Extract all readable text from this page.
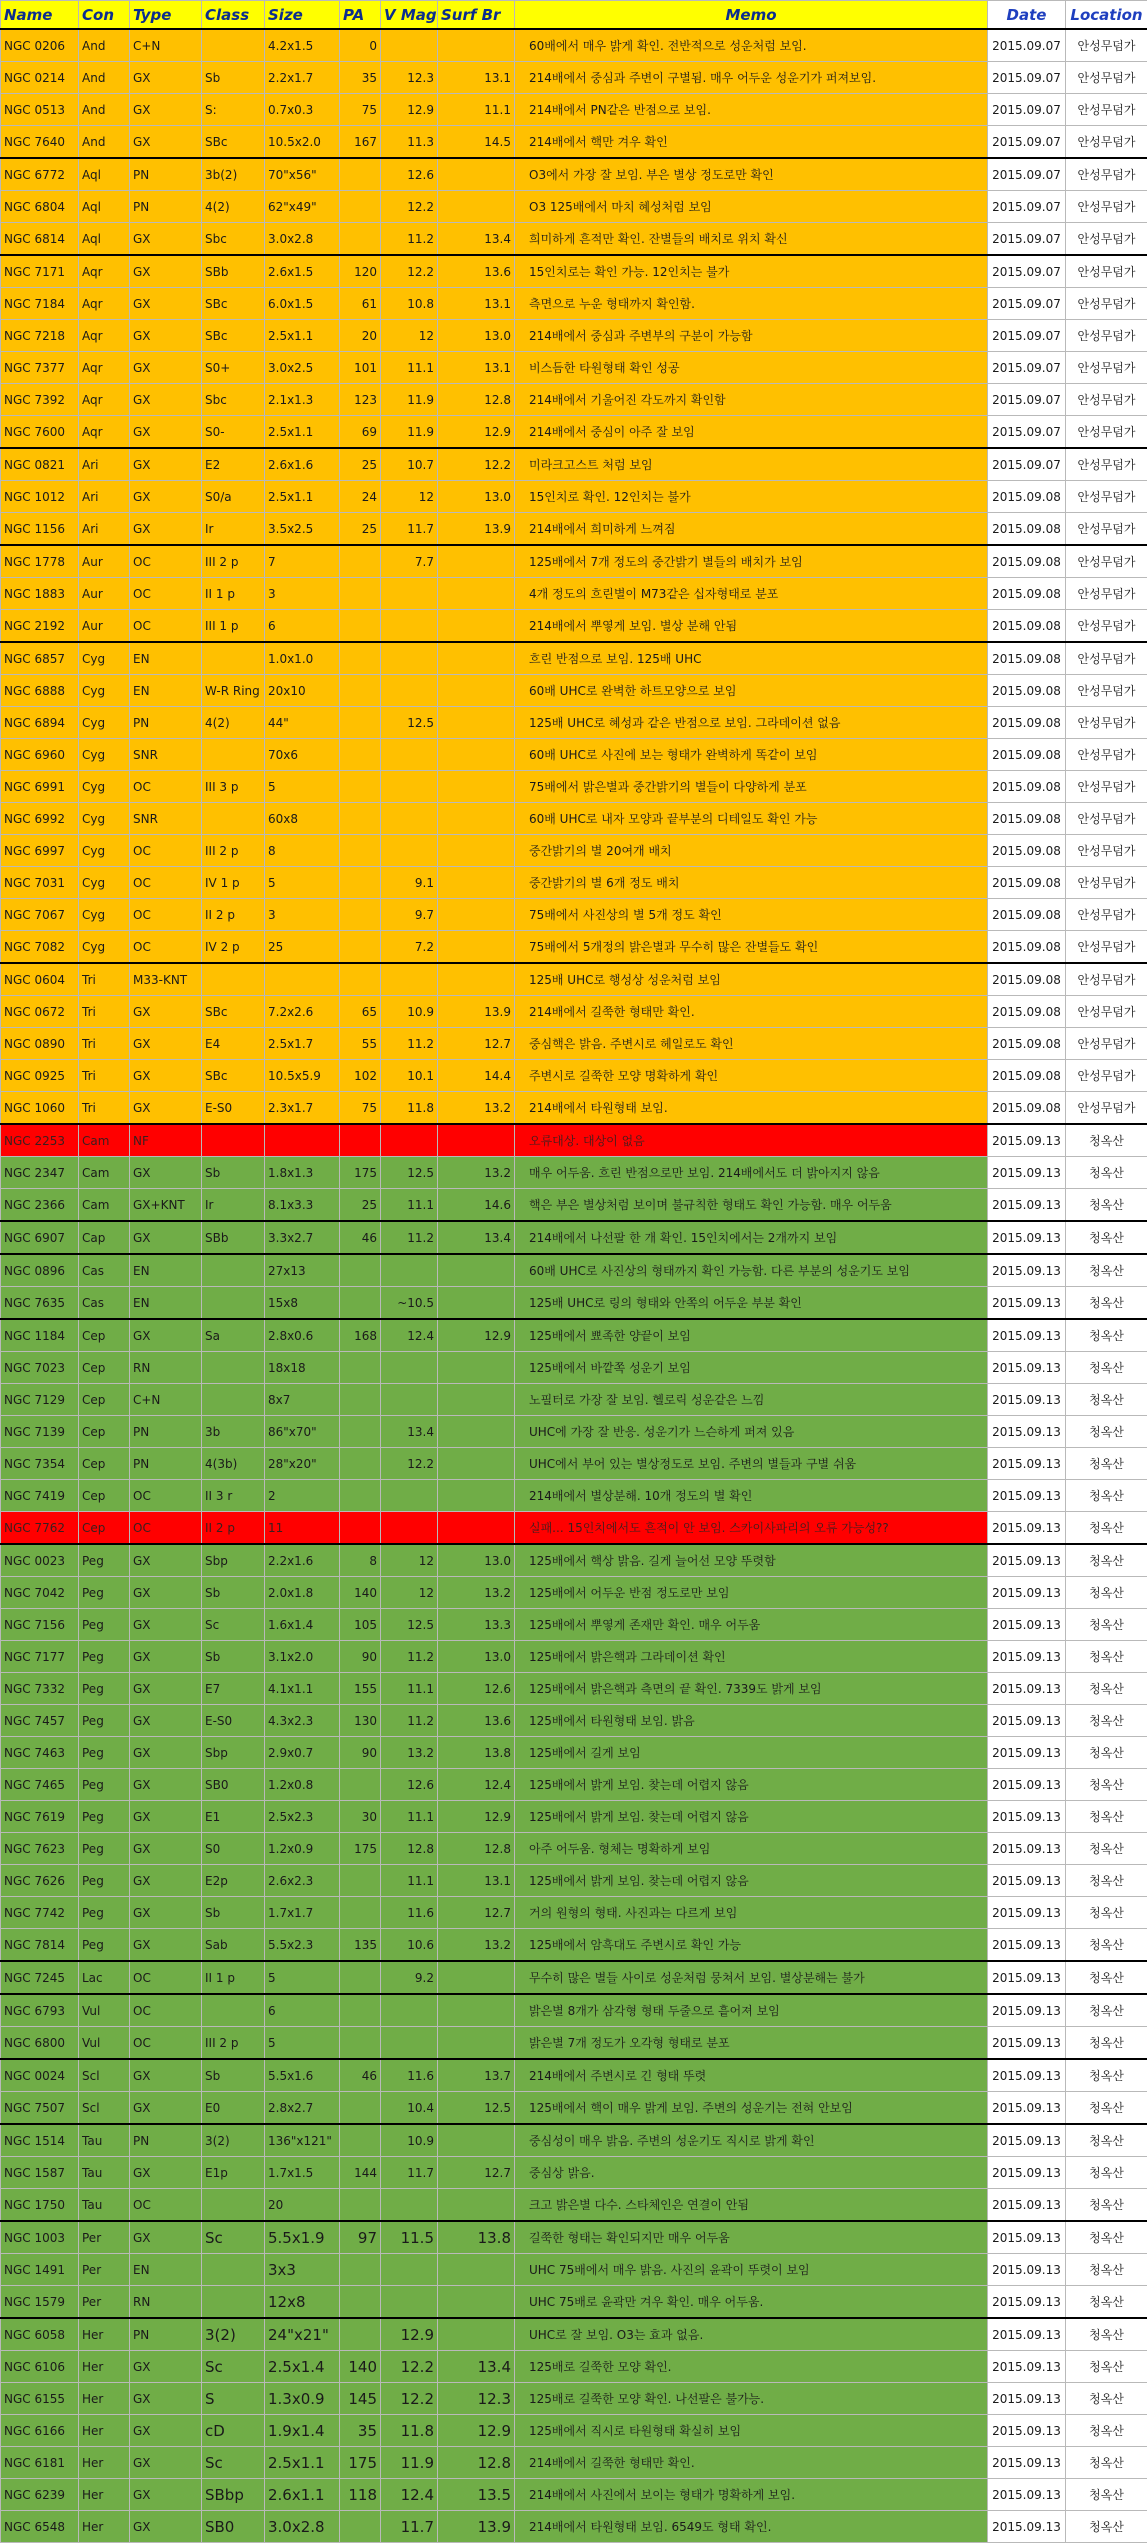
Name	Con	Type	Class	Size	PA	V Mag	Surf Br	Memo	Date	Location
NGC 0206	And	C+N		4.2x1.5	0			60배에서 매우 밝게 확인. 전반적으로 성운처럼 보임.	2015.09.07	안성무덤가
NGC 0214	And	GX	Sb	2.2x1.7	35	12.3	13.1	214배에서 중심과 주변이 구별됨. 매우 어두운 성운기가 퍼져보임.	2015.09.07	안성무덤가
NGC 0513	And	GX	S:	0.7x0.3	75	12.9	11.1	214배에서 PN같은 반점으로 보임.	2015.09.07	안성무덤가
NGC 7640	And	GX	SBc	10.5x2.0	167	11.3	14.5	214배에서 핵만 겨우 확인	2015.09.07	안성무덤가
NGC 6772	Aql	PN	3b(2)	70"x56"		12.6		O3에서 가장 잘 보임. 부은 별상 정도로만 확인	2015.09.07	안성무덤가
NGC 6804	Aql	PN	4(2)	62"x49"		12.2		O3 125배에서 마치 혜성처럼 보임	2015.09.07	안성무덤가
NGC 6814	Aql	GX	Sbc	3.0x2.8		11.2	13.4	희미하게 흔적만 확인. 잔별들의 배치로 위치 확신	2015.09.07	안성무덤가
NGC 7171	Aqr	GX	SBb	2.6x1.5	120	12.2	13.6	15인치로는 확인 가능. 12인치는 불가	2015.09.07	안성무덤가
NGC 7184	Aqr	GX	SBc	6.0x1.5	61	10.8	13.1	측면으로 누운 형태까지 확인함.	2015.09.07	안성무덤가
NGC 7218	Aqr	GX	SBc	2.5x1.1	20	12	13.0	214배에서 중심과 주변부의 구분이 가능함	2015.09.07	안성무덤가
NGC 7377	Aqr	GX	S0+	3.0x2.5	101	11.1	13.1	비스듬한 타원형태 확인 성공	2015.09.07	안성무덤가
NGC 7392	Aqr	GX	Sbc	2.1x1.3	123	11.9	12.8	214배에서 기울어진 각도까지 확인함	2015.09.07	안성무덤가
NGC 7600	Aqr	GX	S0-	2.5x1.1	69	11.9	12.9	214배에서 중심이 아주 잘 보임	2015.09.07	안성무덤가
NGC 0821	Ari	GX	E2	2.6x1.6	25	10.7	12.2	미라크고스트 처럼 보임	2015.09.07	안성무덤가
NGC 1012	Ari	GX	S0/a	2.5x1.1	24	12	13.0	15인치로 확인. 12인치는 불가	2015.09.08	안성무덤가
NGC 1156	Ari	GX	Ir	3.5x2.5	25	11.7	13.9	214배에서 희미하게 느껴짐	2015.09.08	안성무덤가
NGC 1778	Aur	OC	III 2 p	7		7.7		125배에서 7개 정도의 중간밝기 별들의 배치가 보임	2015.09.08	안성무덤가
NGC 1883	Aur	OC	II 1 p	3				4개 정도의 흐린별이 M73같은 십자형태로 분포	2015.09.08	안성무덤가
NGC 2192	Aur	OC	III 1 p	6				214배에서 뿌옇게 보임. 별상 분해 안됨	2015.09.08	안성무덤가
NGC 6857	Cyg	EN		1.0x1.0				흐린 반점으로 보임. 125배 UHC	2015.09.08	안성무덤가
NGC 6888	Cyg	EN	W-R Ring	20x10				60배 UHC로 완벽한 하트모양으로 보임	2015.09.08	안성무덤가
NGC 6894	Cyg	PN	4(2)	44"		12.5		125배 UHC로 혜성과 같은 반점으로 보임. 그라데이션 없음	2015.09.08	안성무덤가
NGC 6960	Cyg	SNR		70x6				60배 UHC로 사진에 보는 형태가 완벽하게 똑같이 보임	2015.09.08	안성무덤가
NGC 6991	Cyg	OC	III 3 p	5				75배에서 밝은별과 중간밝기의 별들이 다양하게 분포	2015.09.08	안성무덤가
NGC 6992	Cyg	SNR		60x8				60배 UHC로 내자 모양과 끝부분의 디테일도 확인 가능	2015.09.08	안성무덤가
NGC 6997	Cyg	OC	III 2 p	8				중간밝기의 별 20여개 배치	2015.09.08	안성무덤가
NGC 7031	Cyg	OC	IV 1 p	5		9.1		중간밝기의 별 6개 정도 배치	2015.09.08	안성무덤가
NGC 7067	Cyg	OC	II 2 p	3		9.7		75배에서 사진상의 별 5개 정도 확인	2015.09.08	안성무덤가
NGC 7082	Cyg	OC	IV 2 p	25		7.2		75배에서 5개정의 밝은별과 무수히 많은 잔별들도 확인	2015.09.08	안성무덤가
NGC 0604	Tri	M33-KNT						125배 UHC로 행성상 성운처럼 보임	2015.09.08	안성무덤가
NGC 0672	Tri	GX	SBc	7.2x2.6	65	10.9	13.9	214배에서 길쭉한 형태만 확인.	2015.09.08	안성무덤가
NGC 0890	Tri	GX	E4	2.5x1.7	55	11.2	12.7	중심핵은 밝음. 주변시로 헤일로도 확인	2015.09.08	안성무덤가
NGC 0925	Tri	GX	SBc	10.5x5.9	102	10.1	14.4	주변시로 길쭉한 모양 명확하게 확인	2015.09.08	안성무덤가
NGC 1060	Tri	GX	E-S0	2.3x1.7	75	11.8	13.2	214배에서 타원형태 보임.	2015.09.08	안성무덤가
NGC 2253	Cam	NF						오류대상. 대상이 없음	2015.09.13	청옥산
NGC 2347	Cam	GX	Sb	1.8x1.3	175	12.5	13.2	매우 어두움. 흐린 반점으로만 보임. 214배에서도 더 밝아지지 않음	2015.09.13	청옥산
NGC 2366	Cam	GX+KNT	Ir	8.1x3.3	25	11.1	14.6	핵은 부은 별상처럼 보이며 불규칙한 형태도 확인 가능함. 매우 어두움	2015.09.13	청옥산
NGC 6907	Cap	GX	SBb	3.3x2.7	46	11.2	13.4	214배에서 나선팔 한 개 확인. 15인치에서는 2개까지 보임	2015.09.13	청옥산
NGC 0896	Cas	EN		27x13				60배 UHC로 사진상의 형태까지 확인 가능함. 다른 부분의 성운기도 보임	2015.09.13	청옥산
NGC 7635	Cas	EN		15x8		~10.5		125배 UHC로 링의 형태와 안쪽의 어두운 부분 확인	2015.09.13	청옥산
NGC 1184	Cep	GX	Sa	2.8x0.6	168	12.4	12.9	125배에서 뾰족한 양끝이 보임	2015.09.13	청옥산
NGC 7023	Cep	RN		18x18				125배에서 바깥쪽 성운기 보임	2015.09.13	청옥산
NGC 7129	Cep	C+N		8x7				노필터로 가장 잘 보임. 헬로릭 성운같은 느낌	2015.09.13	청옥산
NGC 7139	Cep	PN	3b	86"x70"		13.4		UHC에 가장 잘 반응. 성운기가 느슨하게 퍼져 있음	2015.09.13	청옥산
NGC 7354	Cep	PN	4(3b)	28"x20"		12.2		UHC에서 부어 있는 별상정도로 보임. 주변의 별들과 구별 쉬움	2015.09.13	청옥산
NGC 7419	Cep	OC	II 3 r	2				214배에서 별상분해. 10개 정도의 별 확인	2015.09.13	청옥산
NGC 7762	Cep	OC	II 2 p	11				실패... 15인치에서도 흔적이 안 보임. 스카이사파리의 오류 가능성??	2015.09.13	청옥산
NGC 0023	Peg	GX	Sbp	2.2x1.6	8	12	13.0	125배에서 핵상 밝음. 길게 늘어선 모양 뚜렷함	2015.09.13	청옥산
NGC 7042	Peg	GX	Sb	2.0x1.8	140	12	13.2	125배에서 어두운 반점 정도로만 보임	2015.09.13	청옥산
NGC 7156	Peg	GX	Sc	1.6x1.4	105	12.5	13.3	125배에서 뿌옇게 존재만 확인. 매우 어두움	2015.09.13	청옥산
NGC 7177	Peg	GX	Sb	3.1x2.0	90	11.2	13.0	125배에서 밝은핵과 그라데이션 확인	2015.09.13	청옥산
NGC 7332	Peg	GX	E7	4.1x1.1	155	11.1	12.6	125배에서 밝은핵과 측면의 끝 확인. 7339도 밝게 보임	2015.09.13	청옥산
NGC 7457	Peg	GX	E-S0	4.3x2.3	130	11.2	13.6	125배에서 타원형태 보임. 밝음	2015.09.13	청옥산
NGC 7463	Peg	GX	Sbp	2.9x0.7	90	13.2	13.8	125배에서 길게 보임	2015.09.13	청옥산
NGC 7465	Peg	GX	SB0	1.2x0.8		12.6	12.4	125배에서 밝게 보임. 찾는데 어렵지 않음	2015.09.13	청옥산
NGC 7619	Peg	GX	E1	2.5x2.3	30	11.1	12.9	125배에서 밝게 보임. 찾는데 어렵지 않음	2015.09.13	청옥산
NGC 7623	Peg	GX	S0	1.2x0.9	175	12.8	12.8	아주 어두움. 형체는 명확하게 보임	2015.09.13	청옥산
NGC 7626	Peg	GX	E2p	2.6x2.3		11.1	13.1	125배에서 밝게 보임. 찾는데 어렵지 않음	2015.09.13	청옥산
NGC 7742	Peg	GX	Sb	1.7x1.7		11.6	12.7	거의 원형의 형태. 사진과는 다르게 보임	2015.09.13	청옥산
NGC 7814	Peg	GX	Sab	5.5x2.3	135	10.6	13.2	125배에서 암흑대도 주변시로 확인 가능	2015.09.13	청옥산
NGC 7245	Lac	OC	II 1 p	5		9.2		무수히 많은 별들 사이로 성운처럼 뭉쳐서 보임. 별상분해는 불가	2015.09.13	청옥산
NGC 6793	Vul	OC		6				밝은별 8개가 삼각형 형태 두줄으로 흩어져 보임	2015.09.13	청옥산
NGC 6800	Vul	OC	III 2 p	5				밝은별 7개 정도가 오각형 형태로 분포	2015.09.13	청옥산
NGC 0024	Scl	GX	Sb	5.5x1.6	46	11.6	13.7	214배에서 주변시로 긴 형태 뚜렷	2015.09.13	청옥산
NGC 7507	Scl	GX	E0	2.8x2.7		10.4	12.5	125배에서 핵이 매우 밝게 보임. 주변의 성운기는 전혀 안보임	2015.09.13	청옥산
NGC 1514	Tau	PN	3(2)	136"x121"		10.9		중심성이 매우 밝음. 주변의 성운기도 직시로 밝게 확인	2015.09.13	청옥산
NGC 1587	Tau	GX	E1p	1.7x1.5	144	11.7	12.7	중심상 밝음.	2015.09.13	청옥산
NGC 1750	Tau	OC		20				크고 밝은별 다수. 스타체인은 연결이 안됨	2015.09.13	청옥산
NGC 1003	Per	GX	Sc	5.5x1.9	97	11.5	13.8	길쭉한 형태는 확인되지만 매우 어두움	2015.09.13	청옥산
NGC 1491	Per	EN		3x3				UHC 75배에서 매우 밝음. 사진의 윤곽이 뚜렷이 보임	2015.09.13	청옥산
NGC 1579	Per	RN		12x8				UHC 75배로 윤곽만 겨우 확인. 매우 어두움.	2015.09.13	청옥산
NGC 6058	Her	PN	3(2)	24"x21"		12.9		UHC로 잘 보임. O3는 효과 없음.	2015.09.13	청옥산
NGC 6106	Her	GX	Sc	2.5x1.4	140	12.2	13.4	125배로 길쭉한 모양 확인.	2015.09.13	청옥산
NGC 6155	Her	GX	S	1.3x0.9	145	12.2	12.3	125배로 길쭉한 모양 확인. 나선팔은 불가능.	2015.09.13	청옥산
NGC 6166	Her	GX	cD	1.9x1.4	35	11.8	12.9	125배에서 직시로 타원형태 확실히 보임	2015.09.13	청옥산
NGC 6181	Her	GX	Sc	2.5x1.1	175	11.9	12.8	214배에서 길쭉한 형태만 확인.	2015.09.13	청옥산
NGC 6239	Her	GX	SBbp	2.6x1.1	118	12.4	13.5	214배에서 사진에서 보이는 형태가 명확하게 보임.	2015.09.13	청옥산
NGC 6548	Her	GX	SB0	3.0x2.8		11.7	13.9	214배에서 타원형태 보임. 6549도 형태 확인.	2015.09.13	청옥산
